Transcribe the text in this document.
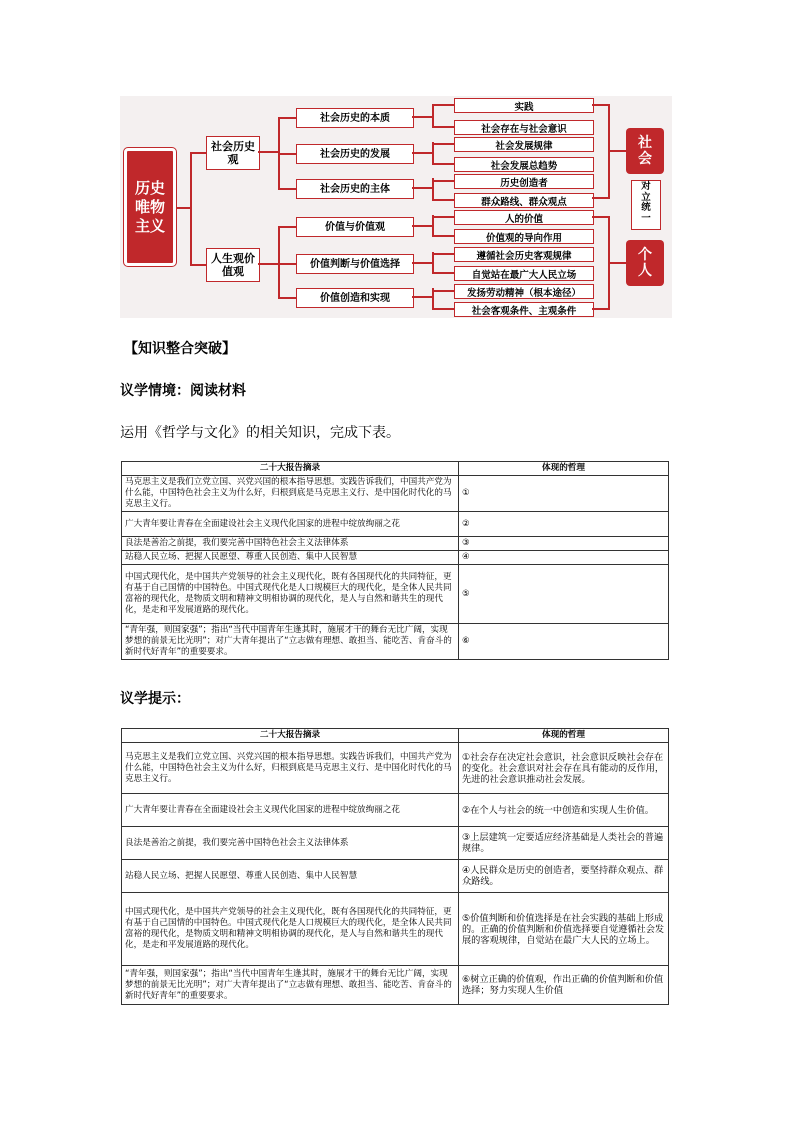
历史唯物主义
社会历史观
人生观价值观
社会历史的本质
社会历史的发展
社会历史的主体
价值与价值观
价值判断与价值选择
价值创造和实现
实践
社会存在与社会意识
社会发展规律
社会发展总趋势
历史创造者
群众路线、群众观点
人的价值
价值观的导向作用
遵循社会历史客观规律
自觉站在最广大人民立场
发扬劳动精神（根本途径）
社会客观条件、主观条件
社会
对立统一
个人
【知识整合突破】
议学情境：阅读材料
运用《哲学与文化》的相关知识，完成下表。
二十大报告摘录	体现的哲理
马克思主义是我们立党立国、兴党兴国的根本指导思想。实践告诉我们，中国共产党为什么能，中国特色社会主义为什么好，归根到底是马克思主义行、是中国化时代化的马克思主义行。	①
广大青年要让青春在全面建设社会主义现代化国家的进程中绽放绚丽之花	②
良法是善治之前提，我们要完善中国特色社会主义法律体系	③
站稳人民立场、把握人民愿望、尊重人民创造、集中人民智慧	④
中国式现代化，是中国共产党领导的社会主义现代化，既有各国现代化的共同特征，更有基于自己国情的中国特色。中国式现代化是人口规模巨大的现代化，是全体人民共同富裕的现代化，是物质文明和精神文明相协调的现代化，是人与自然和谐共生的现代化，是走和平发展道路的现代化。	⑤
“青年强，则国家强”；指出“当代中国青年生逢其时，施展才干的舞台无比广阔，实现梦想的前景无比光明”；对广大青年提出了“立志做有理想、敢担当、能吃苦、肯奋斗的新时代好青年”的重要要求。	⑥
议学提示：
二十大报告摘录	体现的哲理
马克思主义是我们立党立国、兴党兴国的根本指导思想。实践告诉我们，中国共产党为什么能，中国特色社会主义为什么好，归根到底是马克思主义行、是中国化时代化的马克思主义行。	①社会存在决定社会意识，社会意识反映社会存在的变化。社会意识对社会存在具有能动的反作用，先进的社会意识推动社会发展。
广大青年要让青春在全面建设社会主义现代化国家的进程中绽放绚丽之花	②在个人与社会的统一中创造和实现人生价值。
良法是善治之前提，我们要完善中国特色社会主义法律体系	③上层建筑一定要适应经济基础是人类社会的普遍规律。
站稳人民立场、把握人民愿望、尊重人民创造、集中人民智慧	④人民群众是历史的创造者，要坚持群众观点、群众路线。
中国式现代化，是中国共产党领导的社会主义现代化，既有各国现代化的共同特征，更有基于自己国情的中国特色。中国式现代化是人口规模巨大的现代化，是全体人民共同富裕的现代化，是物质文明和精神文明相协调的现代化，是人与自然和谐共生的现代化，是走和平发展道路的现代化。	⑤价值判断和价值选择是在社会实践的基础上形成的。正确的价值判断和价值选择要自觉遵循社会发展的客观规律，自觉站在最广大人民的立场上。
“青年强，则国家强”；指出“当代中国青年生逢其时，施展才干的舞台无比广阔，实现梦想的前景无比光明”；对广大青年提出了“立志做有理想、敢担当、能吃苦、肯奋斗的新时代好青年”的重要要求。	⑥树立正确的价值观，作出正确的价值判断和价值选择；努力实现人生价值
